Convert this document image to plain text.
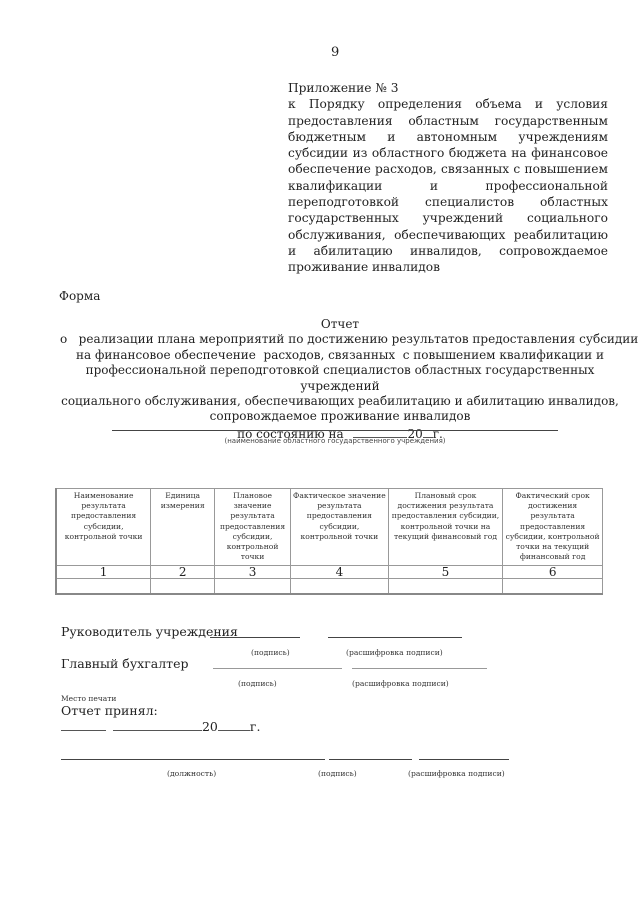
9
Приложение № 3
к Порядку определения объема и условия предоставления областным государственным бюджетным и автономным учреждениям субсидии из областного бюджета на финансовое обеспечение расходов, связанных с повышением квалификации и профессиональной переподготовкой специалистов областных государственных учреждений социального обслуживания, обеспечивающих реабилитацию и абилитацию инвалидов, сопровождаемое проживание инвалидов
Форма
Отчет
о   реализации плана мероприятий по достижению результатов предоставления субсидии
на финансовое обеспечение  расходов, связанных  с повышением квалификации и
профессиональной переподготовкой специалистов областных государственных учреждений
социального обслуживания, обеспечивающих реабилитацию и абилитацию инвалидов,
сопровождаемое проживание инвалидов
по состоянию на	20 г.
(наименование областного государственного учреждения)
Наименование результата предоставления субсидии, контрольной точки	Единица измерения	Плановое значение результата предоставления субсидии, контрольной точки	Фактическое значение результата предоставления субсидии, контрольной точки	Плановый срок достижения результата предоставления субсидии, контрольной точки на текущий финансовый год	Фактический срок достижения результата предоставления субсидии, контрольной точки на текущий финансовый год
1	2	3	4	5	6

Руководитель учреждения
(подпись)	(расшифровка подписи)
Главный бухгалтер
(подпись)	(расшифровка подписи)
Место печати
Отчет принял:
20	г.
(должность)	(подпись)	(расшифровка подписи)
